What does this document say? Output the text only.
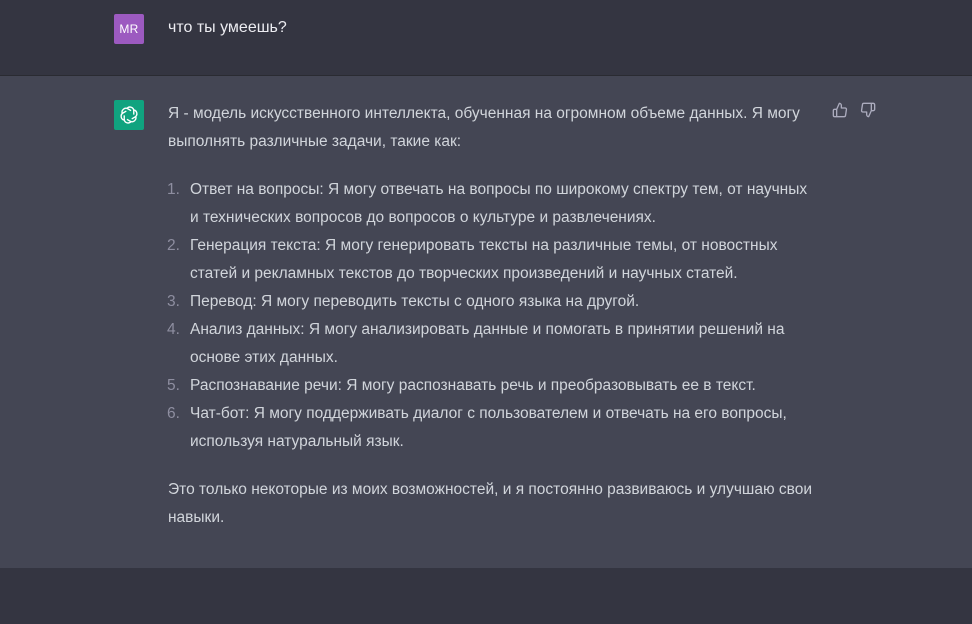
MR	что ты умеешь?

Я - модель искусственного интеллекта, обученная на огромном объеме данных. Я могу выполнять различные задачи, такие как:

1. Ответ на вопросы: Я могу отвечать на вопросы по широкому спектру тем, от научных и технических вопросов до вопросов о культуре и развлечениях.
2. Генерация текста: Я могу генерировать тексты на различные темы, от новостных статей и рекламных текстов до творческих произведений и научных статей.
3. Перевод: Я могу переводить тексты с одного языка на другой.
4. Анализ данных: Я могу анализировать данные и помогать в принятии решений на основе этих данных.
5. Распознавание речи: Я могу распознавать речь и преобразовывать ее в текст.
6. Чат-бот: Я могу поддерживать диалог с пользователем и отвечать на его вопросы, используя натуральный язык.

Это только некоторые из моих возможностей, и я постоянно развиваюсь и улучшаю свои навыки.
